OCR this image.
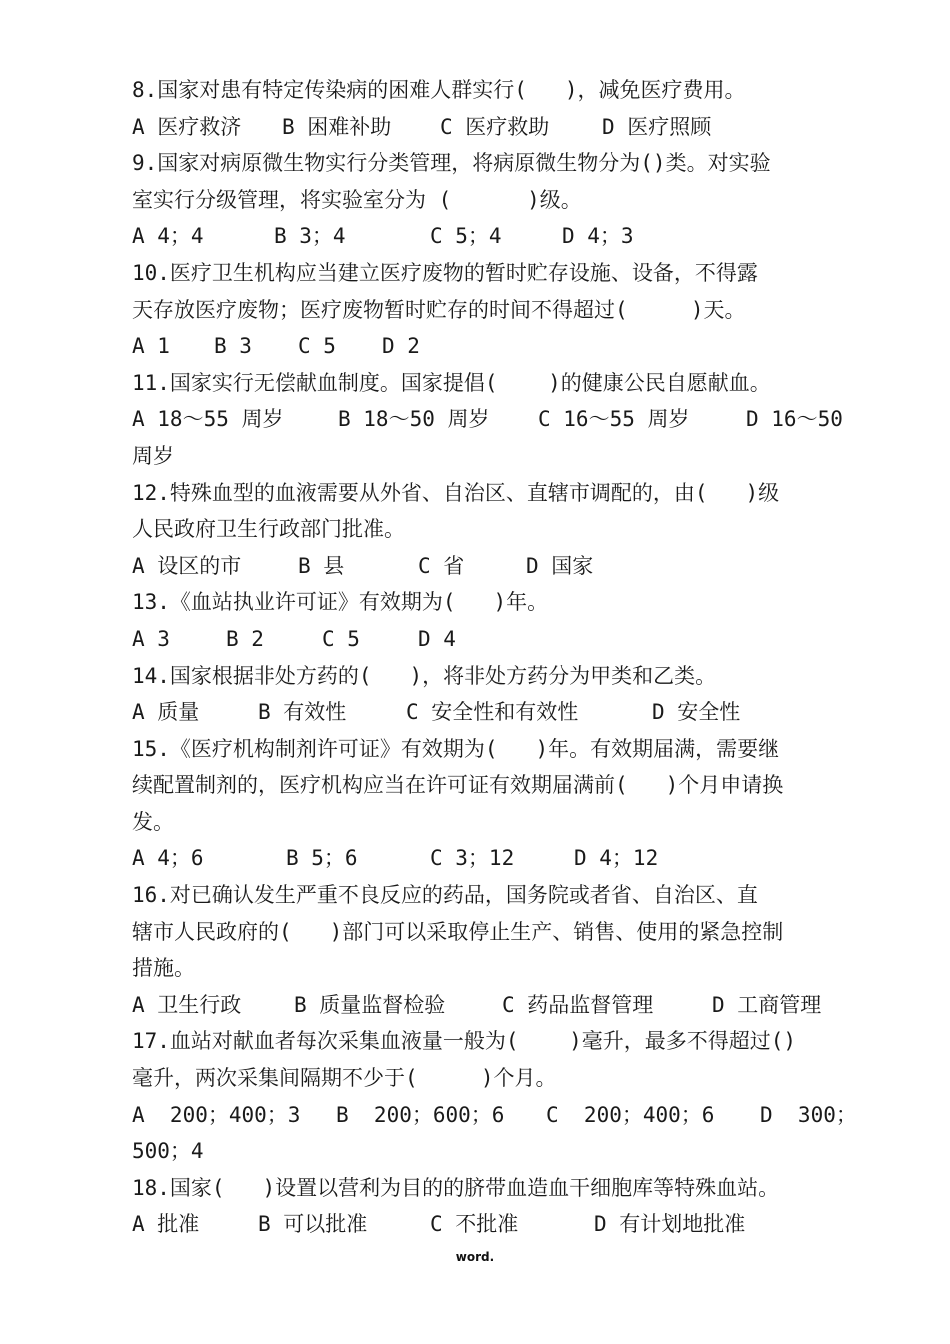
8.国家对患有特定传染病的困难人群实行(   )，减免医疗费用。
A 医疗救济 B 困难补助 C 医疗救助	D 医疗照顾
9.国家对病原微生物实行分类管理，将病原微生物分为()类。对实验
室实行分级管理，将实验室分为 (      )级。
A 4；4	B 3；4	C 5；4	D 4；3
10.医疗卫生机构应当建立医疗废物的暂时贮存设施、设备，不得露
天存放医疗废物；医疗废物暂时贮存的时间不得超过(     )天。
A 1 B 3 C 5 D 2
11.国家实行无偿献血制度。国家提倡(    )的健康公民自愿献血。
A 18～55 周岁	B 18～50 周岁 C 16～55 周岁	D 16～50
周岁
12.特殊血型的血液需要从外省、自治区、直辖市调配的，由(   )级
人民政府卫生行政部门批准。
A 设区的市	B 县	C 省	D 国家
13.《血站执业许可证》有效期为(   )年。
A 3	B 2	C 5	D 4
14.国家根据非处方药的(   )，将非处方药分为甲类和乙类。
A 质量	B 有效性	C 安全性和有效性	D 安全性
15.《医疗机构制剂许可证》有效期为(   )年。有效期届满，需要继
续配置制剂的，医疗机构应当在许可证有效期届满前(   )个月申请换
发。
A 4；6	B 5；6	C 3；12	D 4；12
16.对已确认发生严重不良反应的药品，国务院或者省、自治区、直
辖市人民政府的(   )部门可以采取停止生产、销售、使用的紧急控制
措施。
A 卫生行政	B 质量监督检验	C 药品监督管理	D 工商管理
17.血站对献血者每次采集血液量一般为(    )毫升，最多不得超过()
毫升，两次采集间隔期不少于(     )个月。
A  200；400；3 B  200；600；6 C  200；400；6 D  300；
500；4
18.国家(   )设置以营利为目的的脐带血造血干细胞库等特殊血站。
A 批准	B 可以批准	C 不批准	D 有计划地批准
word.
